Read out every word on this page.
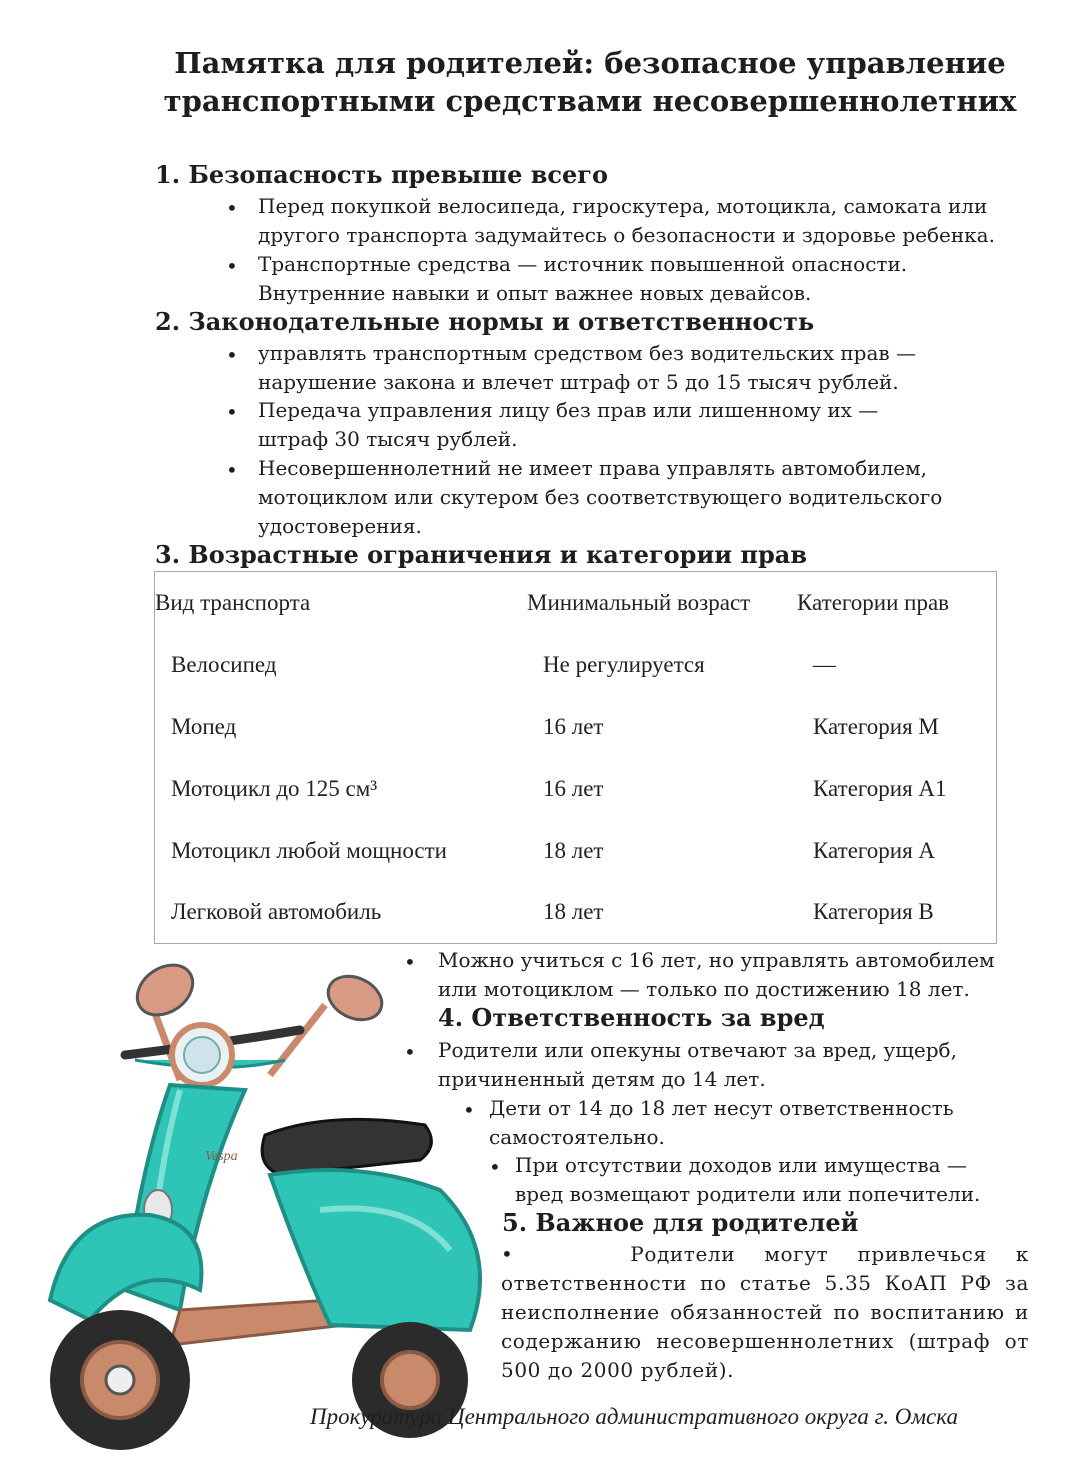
Памятка для родителей: безопасное управление
транспортными средствами несовершеннолетних
1. Безопасность превыше всего
• Перед покупкой велосипеда, гироскутера, мотоцикла, самоката или
другого транспорта задумайтесь о безопасности и здоровье ребенка.
• Транспортные средства — источник повышенной опасности.
Внутренние навыки и опыт важнее новых девайсов.
2. Законодательные нормы и ответственность
• управлять транспортным средством без водительских прав —
нарушение закона и влечет штраф от 5 до 15 тысяч рублей.
• Передача управления лицу без прав или лишенному их —
штраф 30 тысяч рублей.
• Несовершеннолетний не имеет права управлять автомобилем,
мотоциклом или скутером без соответствующего водительского
удостоверения.
3. Возрастные ограничения и категории прав
Вид транспорта	Минимальный возраст	Категории прав
Велосипед	Не регулируется	—
Мопед	16 лет	Категория М
Мотоцикл до 125 см³	16 лет	Категория А1
Мотоцикл любой мощности	18 лет	Категория А
Легковой автомобиль	18 лет	Категория В
Vespa
• Можно учиться с 16 лет, но управлять автомобилем
или мотоциклом — только по достижению 18 лет.
4. Ответственность за вред
• Родители или опекуны отвечают за вред, ущерб,
причиненный детям до 14 лет.
• Дети от 14 до 18 лет несут ответственность
самостоятельно.
• При отсутствии доходов или имущества —
вред возмещают родители или попечители.
5. Важное для родителей

•    Родители могут привлечься к ответственности по статье 5.35 КоАП РФ за неисполнение обязанностей по воспитанию и содержанию несовершеннолетних (штраф от 500 до 2000 рублей).

Прокуратура Центрального административного округа г. Омска
